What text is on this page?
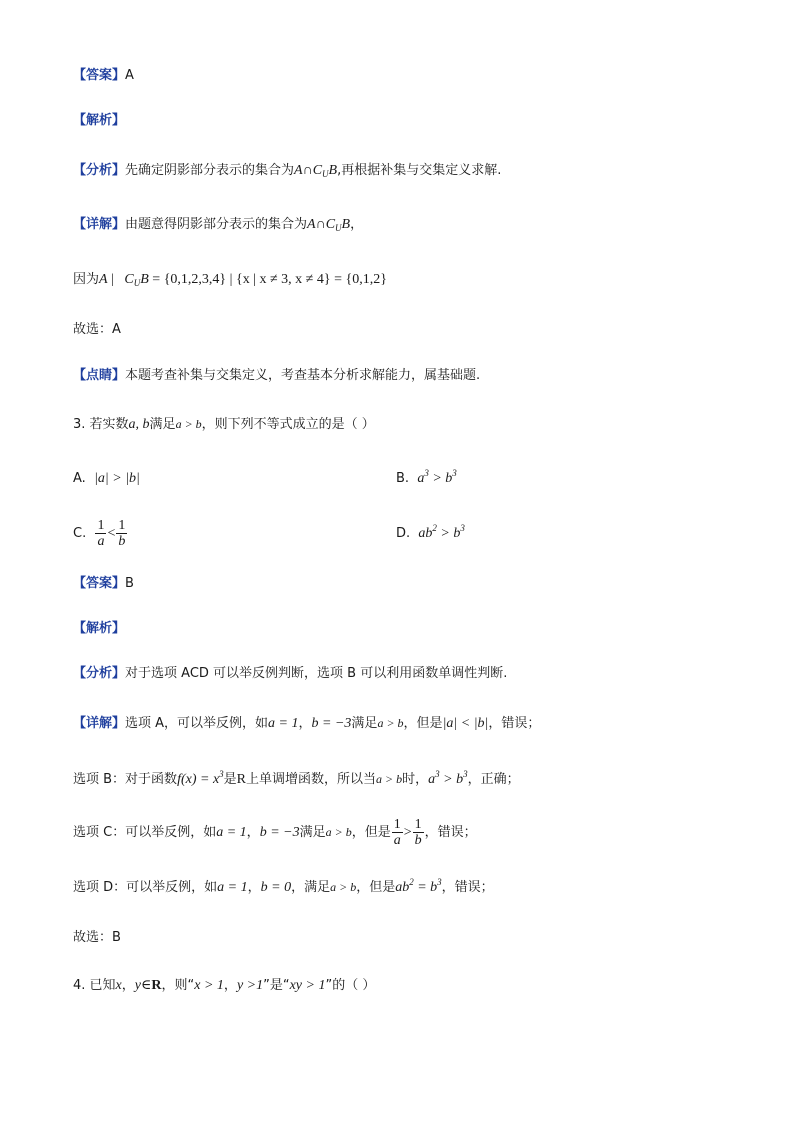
【答案】A
【解析】
【分析】先确定阴影部分表示的集合为$A\cap C_UB$,再根据补集与交集定义求解.
【详解】由题意得阴影部分表示的集合为$A\cap C_UB$，
因为A |   $C_UB = \{0,1,2,3,4\}$ | {x | x ≠ 3, x ≠ 4} = {0,1,2}
故选：A
【点睛】本题考查补集与交集定义，考查基本分析求解能力，属基础题.
3. 若实数a, b满足a > b，则下列不等式成立的是（ ）
A. |a| > |b|	B. $a^3 > b^3$
C. $\frac{1}{a} < \frac{1}{b}$	D. $ab^2 > b^3$
【答案】B
【解析】
【分析】对于选项 ACD 可以举反例判断，选项 B 可以利用函数单调性判断.
【详解】选项 A，可以举反例，如a = 1，b = −3满足a > b，但是|a| < |b|，错误；
选项 B：对于函数$f(x) = x^3$是R上单调增函数，所以当a > b时，$a^3 > b^3$，正确；
选项 C：可以举反例，如a = 1，b = −3满足a > b，但是 $\frac{1}{a} > \frac{1}{b}$ ，错误；
选项 D：可以举反例，如a = 1，b = 0，满足a > b，但是$ab^2 = b^3$，错误；
故选：B
4. 已知x，y∈R，则“x > 1，y >1”是“xy > 1”的（ ）
